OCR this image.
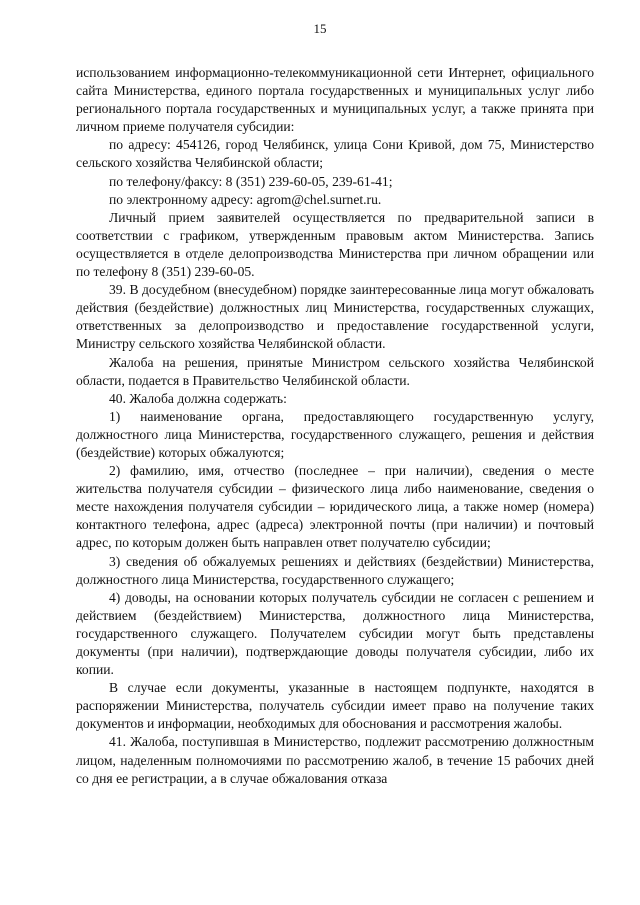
15

использованием информационно-телекоммуникационной сети Интернет, официального сайта Министерства, единого портала государственных и муниципальных услуг либо регионального портала государственных и муниципальных услуг, а также принята при личном приеме получателя субсидии:

по адресу: 454126, город Челябинск, улица Сони Кривой, дом 75, Министерство сельского хозяйства Челябинской области;

по телефону/факсу: 8 (351) 239-60-05, 239-61-41;

по электронному адресу: agrom@chel.surnet.ru.

Личный прием заявителей осуществляется по предварительной записи в соответствии с графиком, утвержденным правовым актом Министерства. Запись осуществляется в отделе делопроизводства Министерства при личном обращении или по телефону 8 (351) 239-60-05.

39. В досудебном (внесудебном) порядке заинтересованные лица могут обжаловать действия (бездействие) должностных лиц Министерства, государственных служащих, ответственных за делопроизводство и предоставление государственной услуги, Министру сельского хозяйства Челябинской области.

Жалоба на решения, принятые Министром сельского хозяйства Челябинской области, подается в Правительство Челябинской области.

40. Жалоба должна содержать:

1) наименование органа, предоставляющего государственную услугу, должностного лица Министерства, государственного служащего, решения и действия (бездействие) которых обжалуются;

2) фамилию, имя, отчество (последнее – при наличии), сведения о месте жительства получателя субсидии – физического лица либо наименование, сведения о месте нахождения получателя субсидии – юридического лица, а также номер (номера) контактного телефона, адрес (адреса) электронной почты (при наличии) и почтовый адрес, по которым должен быть направлен ответ получателю субсидии;

3) сведения об обжалуемых решениях и действиях (бездействии) Министерства, должностного лица Министерства, государственного служащего;

4) доводы, на основании которых получатель субсидии не согласен с решением и действием (бездействием) Министерства, должностного лица Министерства, государственного служащего. Получателем субсидии могут быть представлены документы (при наличии), подтверждающие доводы получателя субсидии, либо их копии.

В случае если документы, указанные в настоящем подпункте, находятся в распоряжении Министерства, получатель субсидии имеет право на получение таких документов и информации, необходимых для обоснования и рассмотрения жалобы.

41. Жалоба, поступившая в Министерство, подлежит рассмотрению должностным лицом, наделенным полномочиями по рассмотрению жалоб, в течение 15 рабочих дней со дня ее регистрации, а в случае обжалования отказа
